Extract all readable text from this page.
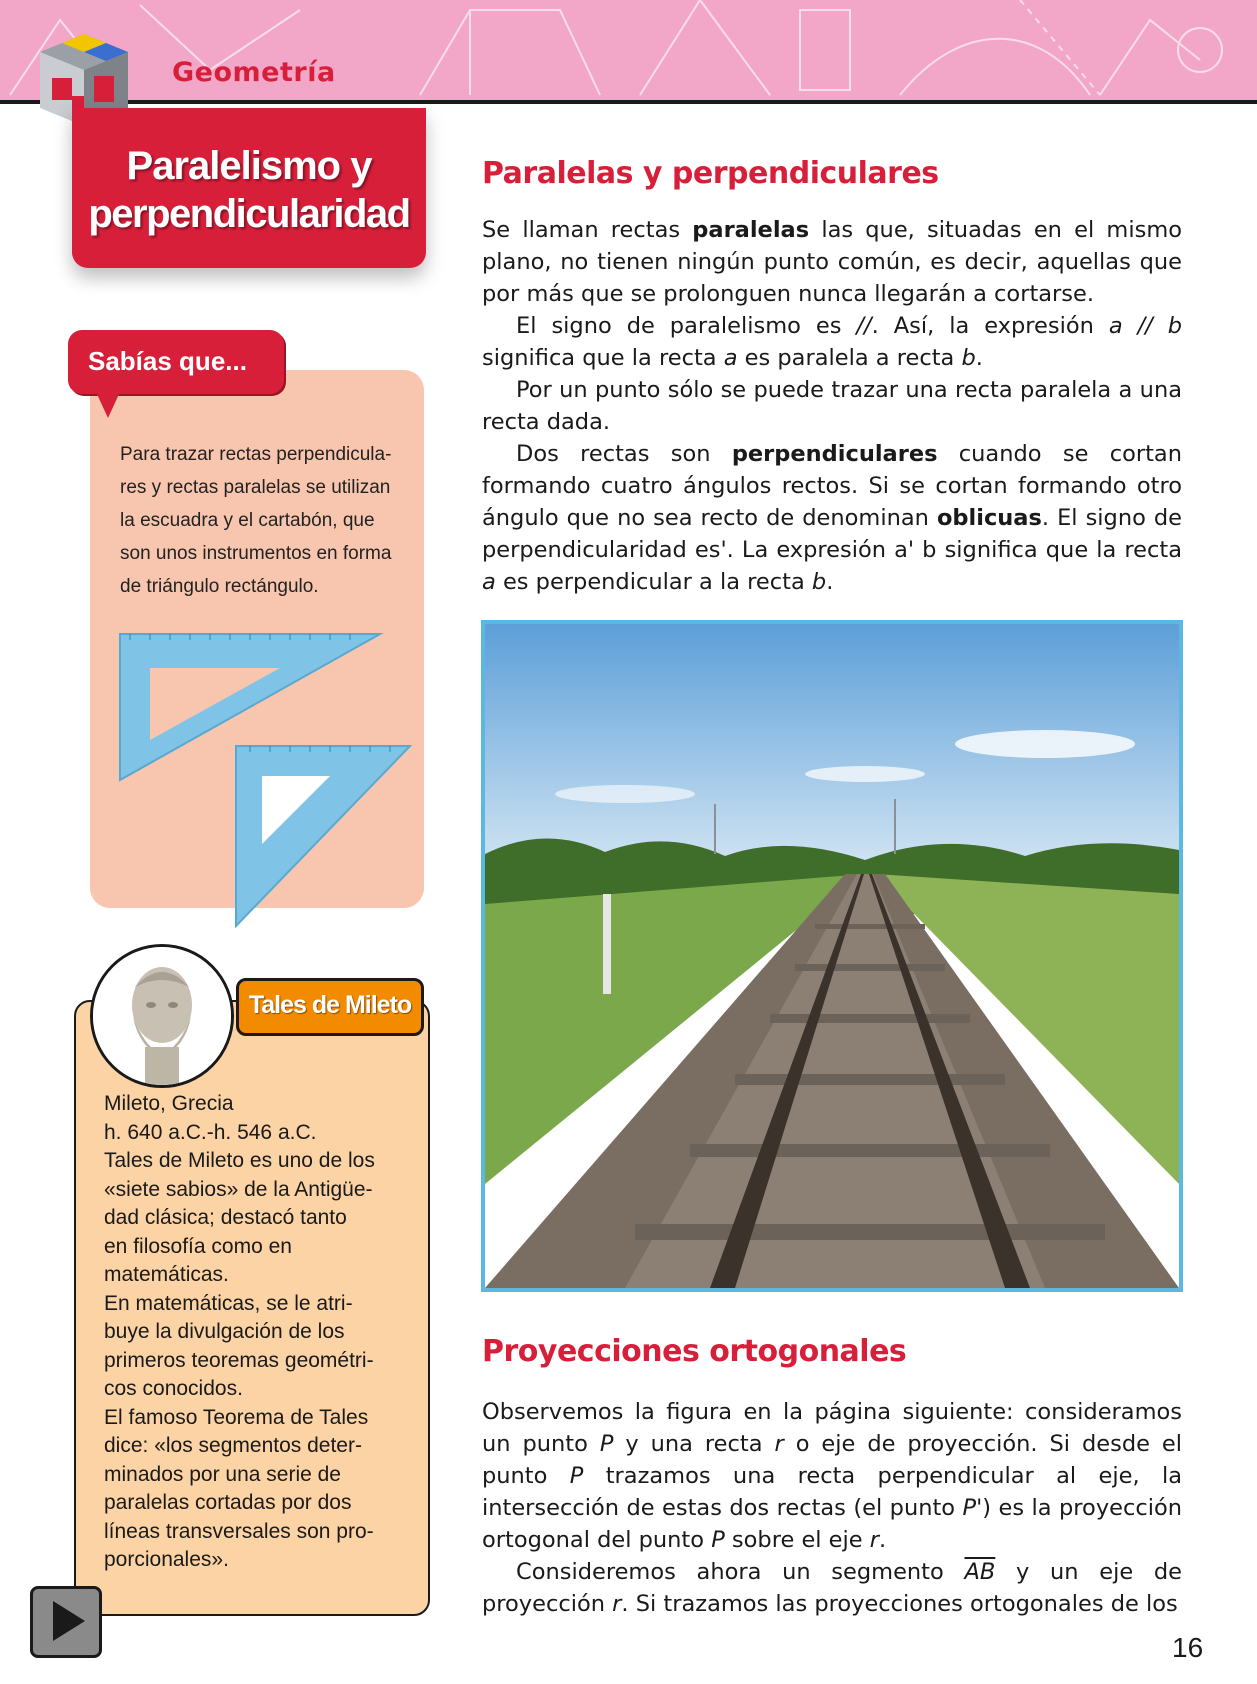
Geometría
Paralelismo y
perpendicularidad
Sabías que...
Para trazar rectas perpendicula-
res y rectas paralelas se utilizan
la escuadra y el cartabón, que
son unos instrumentos en forma
de triángulo rectángulo.
Tales de Mileto
Mileto, Grecia
h. 640 a.C.-h. 546 a.C.
Tales de Mileto es uno de los
«siete sabios» de la Antigüe-
dad clásica; destacó tanto
en filosofía como en
matemáticas.
En matemáticas, se le atri-
buye la divulgación de los
primeros teoremas geométri-
cos conocidos.
El famoso Teorema de Tales
dice: «los segmentos deter-
minados por una serie de
paralelas cortadas por dos
líneas transversales son pro-
porcionales».
Paralelas y perpendiculares

Se llaman rectas paralelas las que, situadas en el mismo plano, no tienen ningún punto común, es decir, aquellas que por más que se prolonguen nunca llegarán a cortarse.

El signo de paralelismo es //. Así, la expresión a // b significa que la recta a es paralela a recta b.

Por un punto sólo se puede trazar una recta paralela a una recta dada.

Dos rectas son perpendiculares cuando se cortan formando cuatro ángulos rectos. Si se cortan formando otro ángulo que no sea recto de denominan oblicuas. El signo de perpendicularidad es'. La expresión a' b significa que la recta a es perpendicular a la recta b.

Proyecciones ortogonales

Observemos la figura en la página siguiente: consideramos un punto P y una recta r o eje de proyección. Si desde el punto P trazamos una recta perpendicular al eje, la intersección de estas dos rectas (el punto P') es la proyección ortogonal del punto P sobre el eje r.

Consideremos ahora un segmento $\overline{AB}$ y un eje de proyección r. Si trazamos las proyecciones ortogonales de los

16
